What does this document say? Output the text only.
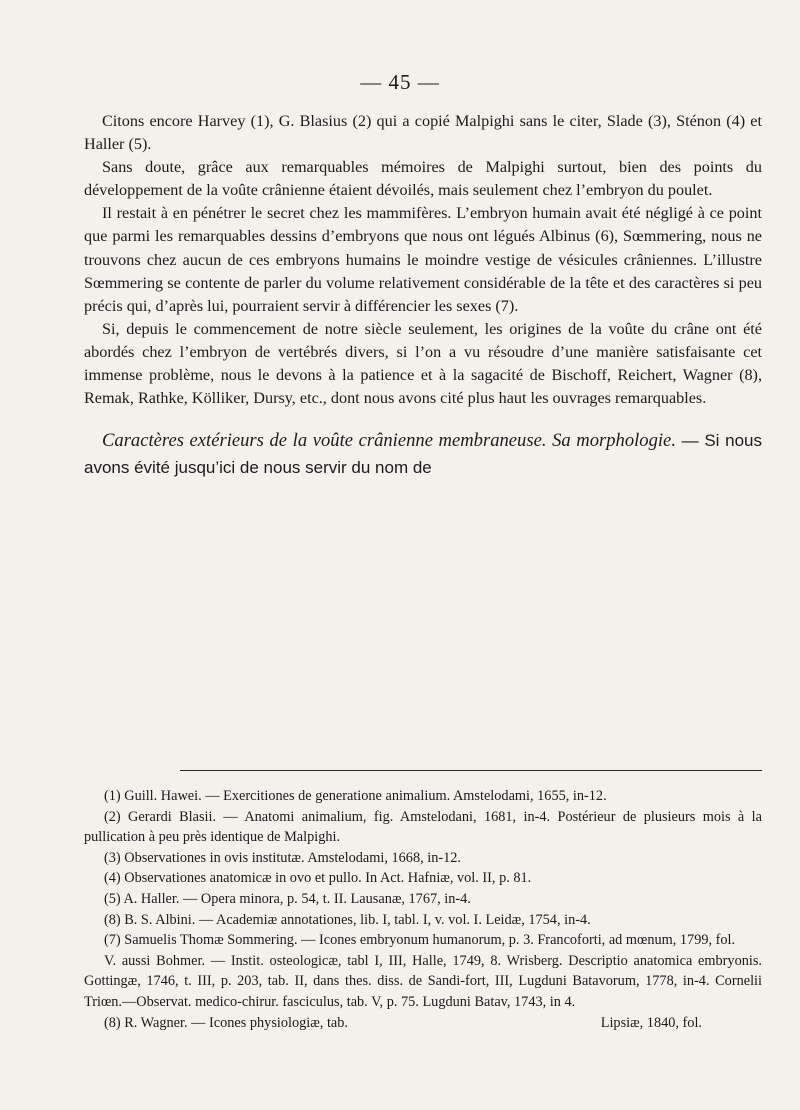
— 45 —

Citons encore Harvey (1), G. Blasius (2) qui a copié Malpighi sans le citer, Slade (3), Sténon (4) et Haller (5).

Sans doute, grâce aux remarquables mémoires de Malpighi surtout, bien des points du développement de la voûte crânienne étaient dévoilés, mais seulement chez l’embryon du poulet.

Il restait à en pénétrer le secret chez les mammifères. L’embryon humain avait été négligé à ce point que parmi les remarquables dessins d’embryons que nous ont légués Albinus (6), Sœmmering, nous ne trouvons chez aucun de ces embryons humains le moindre vestige de vésicules crâniennes. L’illustre Sœmmering se contente de parler du volume relativement considérable de la tête et des caractères si peu précis qui, d’après lui, pourraient servir à différencier les sexes (7).

Si, depuis le commencement de notre siècle seulement, les origines de la voûte du crâne ont été abordés chez l’embryon de vertébrés divers, si l’on a vu résoudre d’une manière satisfaisante cet immense problème, nous le devons à la patience et à la sagacité de Bischoff, Reichert, Wagner (8), Remak, Rathke, Kölliker, Dursy, etc., dont nous avons cité plus haut les ouvrages remarquables.

Caractères extérieurs de la voûte crânienne membraneuse. Sa morphologie. — Si nous avons évité jusqu’ici de nous servir du nom de

(1) Guill. Hawei. — Exercitiones de generatione animalium. Amstelodami, 1655, in-12.

(2) Gerardi Blasii. — Anatomi animalium, fig. Amstelodani, 1681, in-4. Postérieur de plusieurs mois à la pullication à peu près identique de Malpighi.

(3) Observationes in ovis institutæ. Amstelodami, 1668, in-12.

(4) Observationes anatomicæ in ovo et pullo. In Act. Hafniæ, vol. II, p. 81.

(5) A. Haller. — Opera minora, p. 54, t. II. Lausanæ, 1767, in-4.

(8) B. S. Albini. — Academiæ annotationes, lib. I, tabl. I, v. vol. I. Leidæ, 1754, in-4.

(7) Samuelis Thomæ Sommering. — Icones embryonum humanorum, p. 3. Francoforti, ad mœnum, 1799, fol.

V. aussi Bohmer. — Instit. osteologicæ, tabl I, III, Halle, 1749, 8. Wrisberg. Descriptio anatomica embryonis. Gottingæ, 1746, t. III, p. 203, tab. II, dans thes. diss. de Sandi-fort, III, Lugduni Batavorum, 1778, in-4. Cornelii Triœn.—Observat. medico-chirur. fasciculus, tab. V, p. 75. Lugduni Batav, 1743, in 4.

(8) R. Wagner. — Icones physiologiæ, tab.	Lipsiæ, 1840, fol.
